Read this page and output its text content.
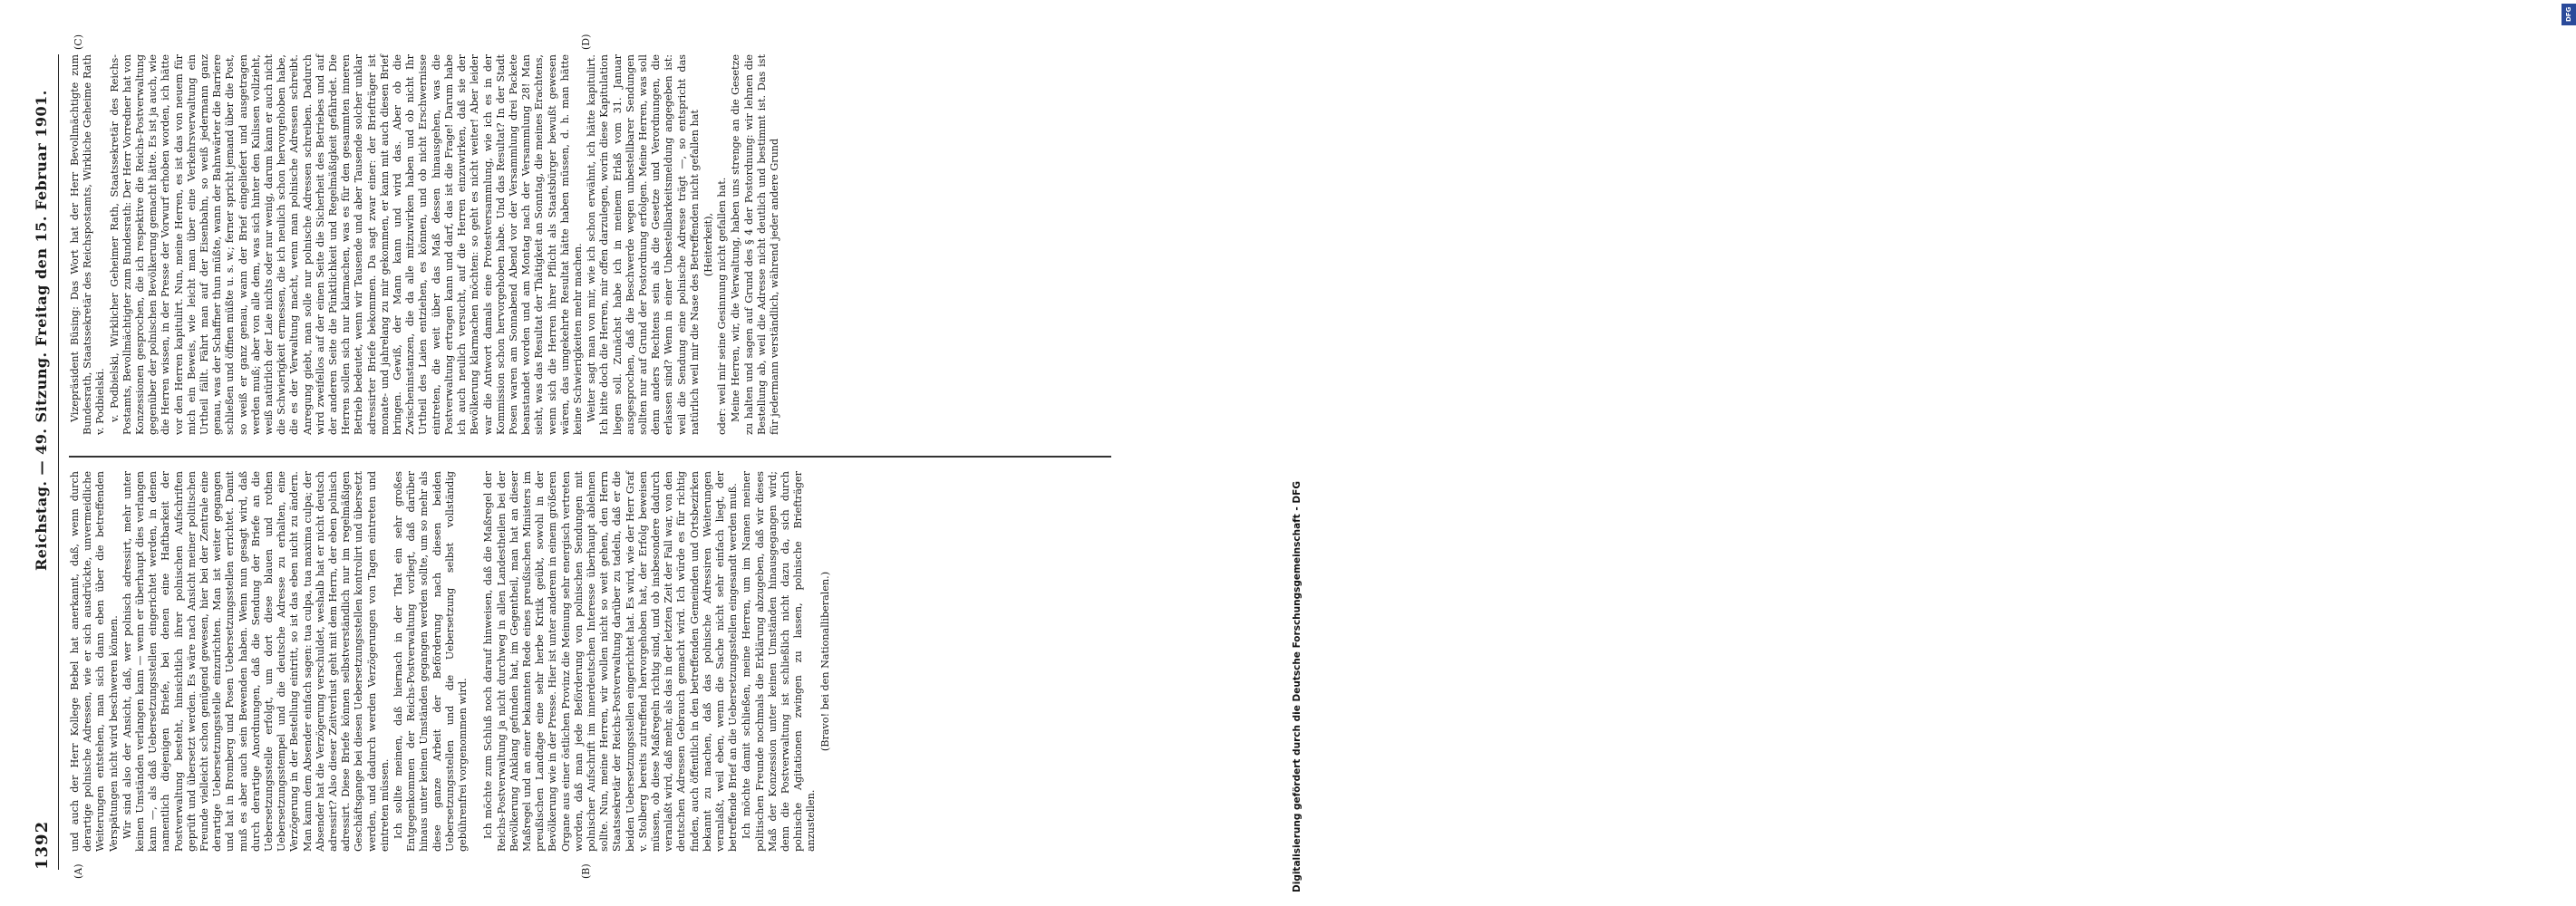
1392
Reichstag. — 49. Sitzung. Freitag den 15. Februar 1901.
(A)	(B)
(C)	(D)

und auch der Herr Kollege Bebel hat anerkannt, daß, wenn durch derartige polnische Adressen, wie er sich ausdrückte, unvermeidliche Weiterungen entstehen, man sich dann eben über die betreffenden Verspätungen nicht wird beschweren können. Wir sind also der Ansicht, daß, wer polnisch adressirt, mehr unter keinen Umständen verlangen kann — wenn er überhaupt dies verlangen kann —, als daß Uebersetzungsstellen eingerichtet werden, in denen namentlich diejenigen Briefe, bei denen eine Haftbarkeit der Postverwaltung besteht, hinsichtlich ihrer polnischen Aufschriften geprüft und übersetzt werden. Es wäre nach Ansicht meiner politischen Freunde vielleicht schon genügend gewesen, hier bei der Zentrale eine derartige Uebersetzungsstelle einzurichten. Man ist weiter gegangen und hat in Bromberg und Posen Uebersetzungsstellen errichtet. Damit muß es aber auch sein Bewenden haben. Wenn nun gesagt wird, daß durch derartige Anordnungen, daß die Sendung der Briefe an die Uebersetzungsstelle erfolgt, um dort diese blauen und rothen Uebersetzungsstempel und die deutsche Adresse zu erhalten, eine Verzögerung in der Bestellung eintritt, so ist das eben nicht zu ändern. Man kann dem Absender einfach sagen: tua culpa, tua maxima culpa; der Absender hat die Verzögerung verschuldet, weshalb hat er nicht deutsch adressirt? Also dieser Zeitverlust geht mit dem Herrn, der eben polnisch adressirt. Diese Briefe können selbstverständlich nur im regelmäßigen Geschäftsgange bei diesen Uebersetzungsstellen kontrolirt und übersetzt werden, und dadurch werden Verzögerungen von Tagen eintreten und eintreten müssen. Ich sollte meinen, daß hiernach in der That ein sehr großes Entgegenkommen der Reichs-Postverwaltung vorliegt, daß darüber hinaus unter keinen Umständen gegangen werden sollte, um so mehr als diese ganze Arbeit der Beförderung nach diesen beiden Uebersetzungsstellen und die Uebersetzung selbst vollständig gebührenfrei vorgenommen wird. Ich möchte zum Schluß noch darauf hinweisen, daß die Maßregel der Reichs-Postverwaltung ja nicht durchweg in allen Landestheilen bei der Bevölkerung Anklang gefunden hat, im Gegentheil, man hat an dieser Maßregel und an einer bekannten Rede eines preußischen Ministers im preußischen Landtage eine sehr herbe Kritik geübt, sowohl in der Bevölkerung wie in der Presse. Hier ist unter anderem in einem größeren Organe aus einer östlichen Provinz die Meinung sehr energisch vertreten worden, daß man jede Beförderung von polnischen Sendungen mit polnischer Aufschrift im innerdeutschen Interesse überhaupt ablehnen sollte. Nun, meine Herren, wir wollen nicht so weit gehen, den Herrn Staatssekretär der Reichs-Postverwaltung darüber zu tadeln, daß er die beiden Uebersetzungsstellen eingerichtet hat. Es wird, wie der Herr Graf v. Stolberg bereits zutreffend hervorgehoben hat, der Erfolg beweisen müssen, ob diese Maßregeln richtig sind, und ob insbesondere dadurch veranlaßt wird, daß mehr, als das in der letzten Zeit der Fall war, von den deutschen Adressen Gebrauch gemacht wird. Ich würde es für richtig finden, auch öffentlich in den betreffenden Gemeinden und Ortsbezirken bekannt zu machen, daß das polnische Adressiren Weiterungen veranlaßt, weil eben, wenn die Sache nicht sehr einfach liegt, der betreffende Brief an die Uebersetzungsstellen eingesandt werden muß. Ich möchte damit schließen, meine Herren, um im Namen meiner politischen Freunde nochmals die Erklärung abzugeben, daß wir dieses Maß der Konzession unter keinen Umständen hinausgegangen wird; denn die Postverwaltung ist schließlich nicht dazu da, sich durch polnische Agitationen zwingen zu lassen, polnische Briefträger anzustellen.

(Bravo! bei den Nationalliberalen.)

Vizepräsident Büsing: Das Wort hat der Herr Bevollmächtigte zum Bundesrath, Staatssekretär des Reichspostamts, Wirkliche Geheime Rath v. Podbielski. v. Podbielski, Wirklicher Geheimer Rath, Staatssekretär des Reichs-Postamts, Bevollmächtigter zum Bundesrath: Der Herr Vorredner hat von Konzessionen gesprochen, die ich respektive die Reichs-Postverwaltung gegenüber der polnischen Bevölkerung gemacht hätte. Es ist ja auch, wie die Herren wissen, in der Presse der Vorwurf erhoben worden, ich hätte vor den Herren kapitulirt. Nun, meine Herren, es ist das von neuem für mich ein Beweis, wie leicht man über eine Verkehrsverwaltung ein Urtheil fällt. Fährt man auf der Eisenbahn, so weiß jedermann ganz genau, was der Schaffner thun müßte, wann der Bahnwärter die Barriere schließen und öffnen müßte u. s. w.; ferner spricht jemand über die Post, so weiß er ganz genau, wann der Brief eingeliefert und ausgetragen werden muß; aber von alle dem, was sich hinter den Kulissen vollzieht, weiß natürlich der Laie nichts oder nur wenig, darum kann er auch nicht die Schwierigkeit ermessen, die ich neulich schon hervorgehoben habe, die es der Verwaltung macht, wenn man polnische Adressen schreibt. Anregung giebt, man solle nur polnische Adressen schreiben. Dadurch wird zweifellos auf der einen Seite die Sicherheit des Betriebes und auf der anderen Seite die Pünktlichkeit und Regelmäßigkeit gefährdet. Die Herren sollen sich nur klarmachen, was es für den gesammten inneren Betrieb bedeutet, wenn wir Tausende und aber Tausende solcher unklar adressirter Briefe bekommen. Da sagt zwar einer: der Briefträger ist monate- und jahrelang zu mir gekommen, er kann mit auch diesen Brief bringen. Gewiß, der Mann kann und wird das. Aber ob die Zwischeninstanzen, die da alle mitzuwirken haben und ob nicht Ihr Urtheil des Laien entziehen, es können, und ob nicht Erschwernisse eintreten, die weit über das Maß dessen hinausgehen, was die Postverwaltung ertragen kann und darf, das ist die Frage! Darum habe ich auch neulich versucht, auf die Herren einzuwirken, daß sie der Bevölkerung klarmachen möchten: so geht es nicht weiter! Aber leider war die Antwort damals eine Protestversammlung, wie ich es in der Kommission schon hervorgehoben habe. Und das Resultat? In der Stadt Posen waren am Sonnabend Abend vor der Versammlung drei Packete beanstandet worden und am Montag nach der Versammlung 28! Man sieht, was das Resultat der Thätigkeit an Sonntag, die meines Erachtens, wenn sich die Herren ihrer Pflicht als Staatsbürger bewußt gewesen wären, das umgekehrte Resultat hätte haben müssen, d. h. man hätte keine Schwierigkeiten mehr machen. Weiter sagt man von mir, wie ich schon erwähnt, ich hätte kapitulirt. Ich bitte doch die Herren, mir offen darzulegen, worin diese Kapitulation liegen soll. Zunächst habe ich in meinem Erlaß vom 31. Januar ausgesprochen, daß die Beschwerde wegen unbestellbarer Sendungen sollten nur auf Grund der Postordnung erfolgen. Meine Herren, was soll denn anders Rechtens sein als die Gesetze und Verordnungen, die erlassen sind? Wenn in einer Unbestellbarkeitsmeldung angegeben ist: weil die Sendung eine polnische Adresse trägt —, so entspricht das natürlich weil mir die Nase des Betreffenden nicht gefallen hat (Heiterkeit), oder: weil mir seine Gesinnung nicht gefallen hat. Meine Herren, wir, die Verwaltung, haben uns strenge an die Gesetze zu halten und sagen auf Grund des § 4 der Postordnung: wir lehnen die Bestellung ab, weil die Adresse nicht deutlich und bestimmt ist. Das ist für jedermann verständlich, während jeder andere Grund

DFG
Digitalisierung gefördert durch die Deutsche Forschungsgemeinschaft - DFG
